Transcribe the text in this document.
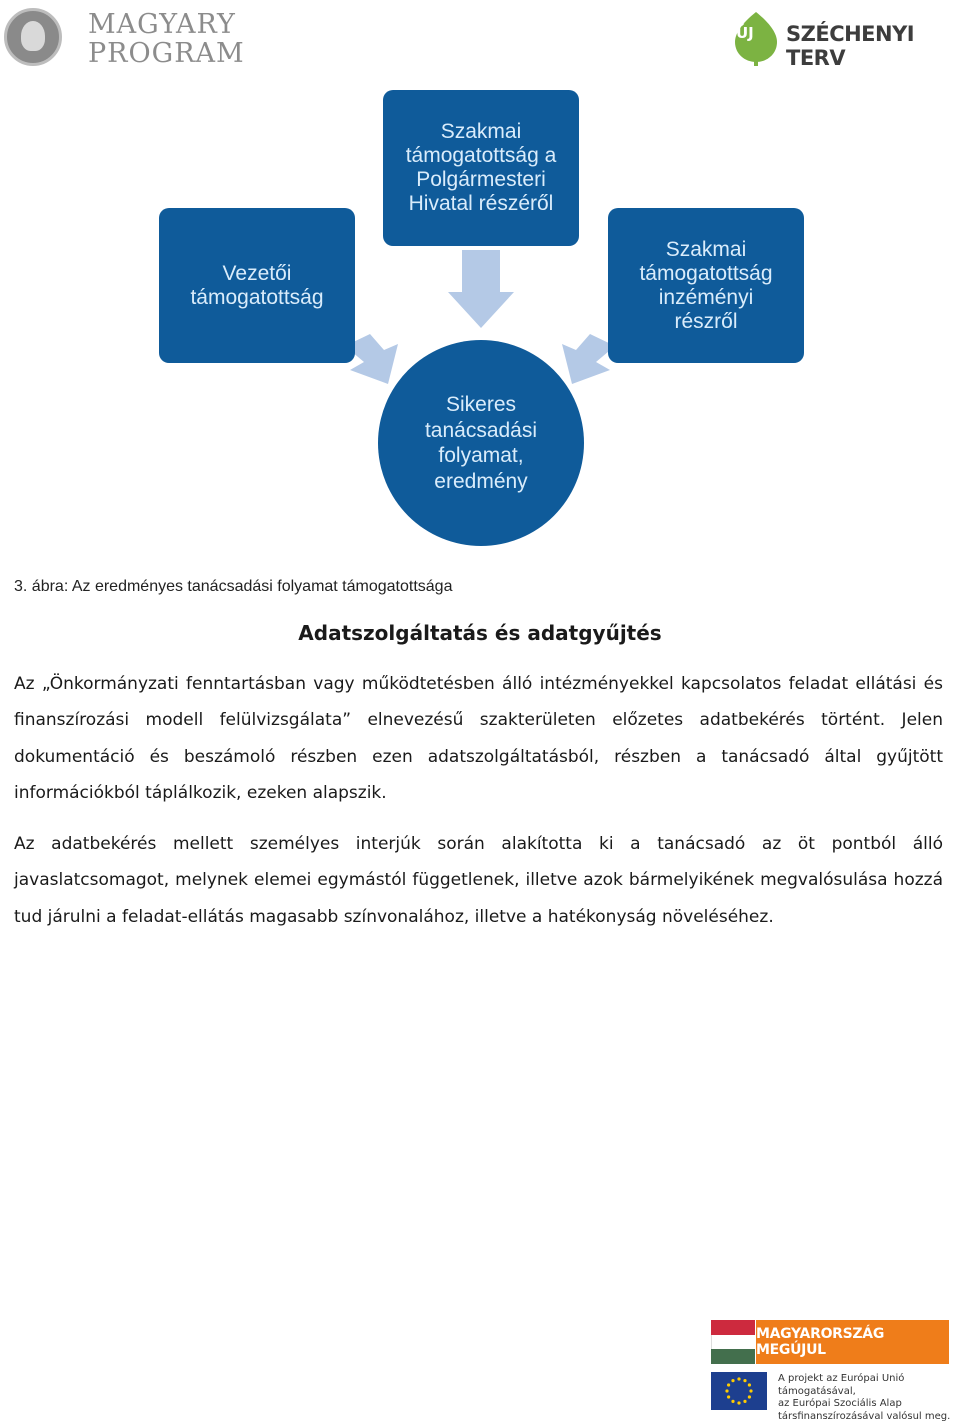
MAGYARY
PROGRAM
ÚJ SZÉCHENYI TERV
Szakmai
támogatottság a
Polgármesteri
Hivatal részéről
Vezetői
támogatottság
Szakmai
támogatottság
inzéményi
részről
Sikeres
tanácsadási
folyamat,
eredmény
3. ábra: Az eredményes tanácsadási folyamat támogatottsága
Adatszolgáltatás és adatgyűjtés

Az „Önkormányzati fenntartásban vagy működtetésben álló intézményekkel kapcsolatos feladat ellátási és finanszírozási modell felülvizsgálata” elnevezésű szakterületen előzetes adatbekérés történt. Jelen dokumentáció és beszámoló részben ezen adatszolgáltatásból, részben a tanácsadó által gyűjtött információkból táplálkozik, ezeken alapszik.

Az adatbekérés mellett személyes interjúk során alakította ki a tanácsadó az öt pontból álló javaslatcsomagot, melynek elemei egymástól függetlenek, illetve azok bármelyikének megvalósulása hozzá tud járulni a feladat-ellátás magasabb színvonalához, illetve a hatékonyság növeléséhez.

MAGYARORSZÁG MEGÚJUL
A projekt az Európai Unió támogatásával,
az Európai Szociális Alap
társfinanszírozásával valósul meg.
